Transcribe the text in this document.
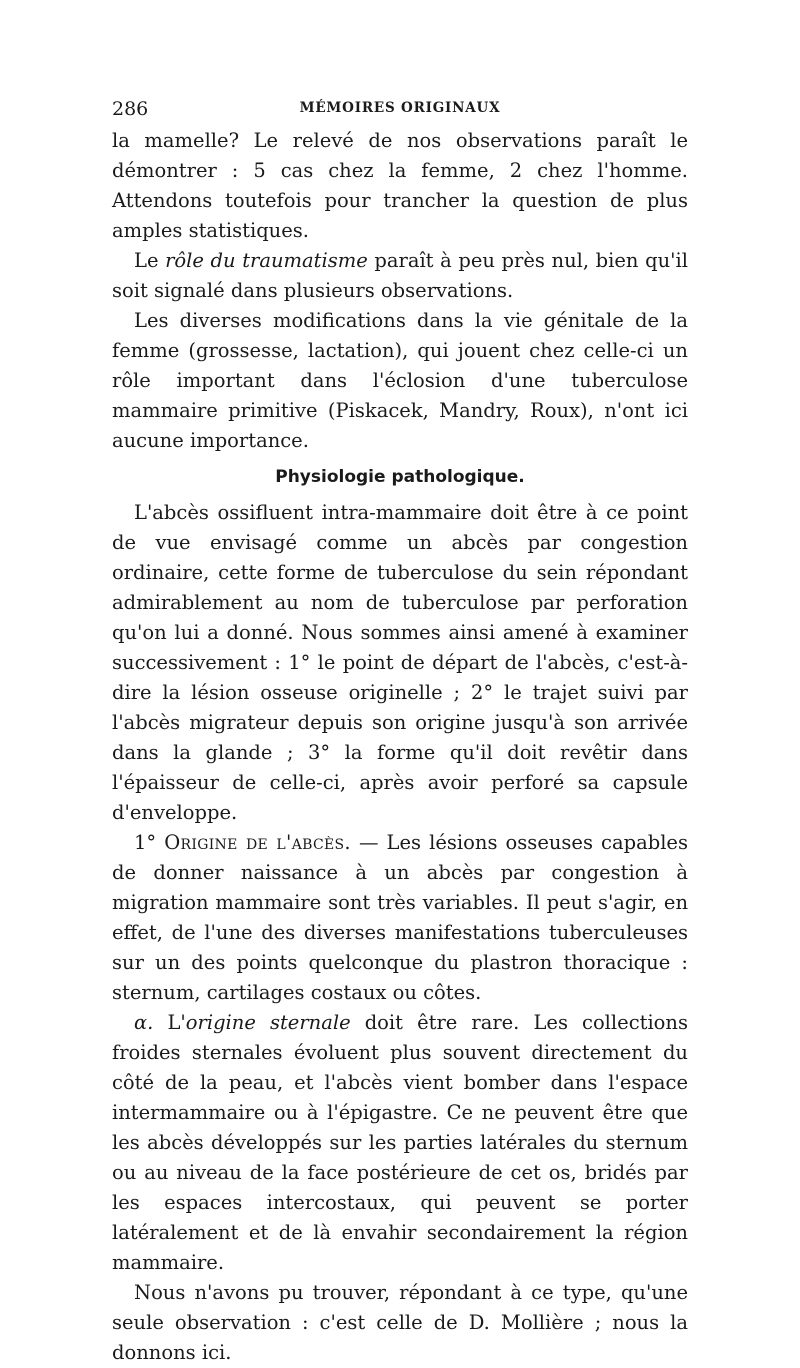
286	MÉMOIRES ORIGINAUX

la mamelle? Le relevé de nos observations paraît le démontrer : 5 cas chez la femme, 2 chez l'homme. Attendons toutefois pour trancher la question de plus amples statistiques.

Le rôle du traumatisme paraît à peu près nul, bien qu'il soit signalé dans plusieurs observations.

Les diverses modifications dans la vie génitale de la femme (grossesse, lactation), qui jouent chez celle-ci un rôle important dans l'éclosion d'une tuberculose mammaire primitive (Piskacek, Mandry, Roux), n'ont ici aucune importance.

Physiologie pathologique.

L'abcès ossifluent intra-mammaire doit être à ce point de vue envisagé comme un abcès par congestion ordinaire, cette forme de tuberculose du sein répondant admirablement au nom de tuberculose par perforation qu'on lui a donné. Nous sommes ainsi amené à examiner successivement : 1° le point de départ de l'abcès, c'est-à-dire la lésion osseuse originelle ; 2° le trajet suivi par l'abcès migrateur depuis son origine jusqu'à son arrivée dans la glande ; 3° la forme qu'il doit revêtir dans l'épaisseur de celle-ci, après avoir perforé sa capsule d'enveloppe.

1° Origine de l'abcès. — Les lésions osseuses capables de donner naissance à un abcès par congestion à migration mammaire sont très variables. Il peut s'agir, en effet, de l'une des diverses manifestations tuberculeuses sur un des points quelconque du plastron thoracique : sternum, cartilages costaux ou côtes.

α. L'origine sternale doit être rare. Les collections froides sternales évoluent plus souvent directement du côté de la peau, et l'abcès vient bomber dans l'espace intermammaire ou à l'épigastre. Ce ne peuvent être que les abcès développés sur les parties latérales du sternum ou au niveau de la face postérieure de cet os, bridés par les espaces intercostaux, qui peuvent se porter latéralement et de là envahir secondairement la région mammaire.

Nous n'avons pu trouver, répondant à ce type, qu'une seule observation : c'est celle de D. Mollière ; nous la donnons ici.
